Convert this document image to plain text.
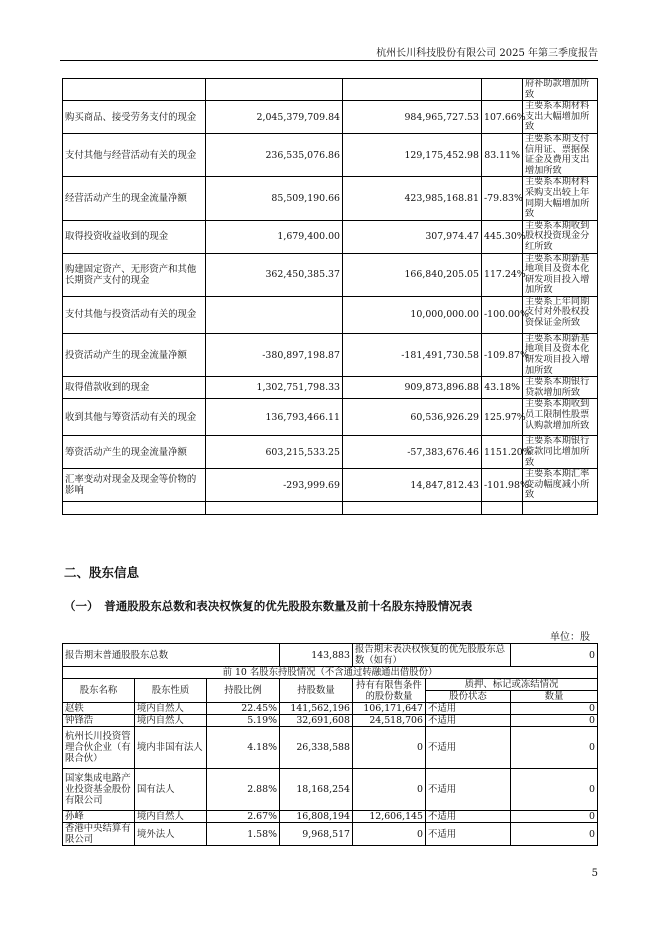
杭州长川科技股份有限公司 2025 年第三季度报告
				府补助款增加所致
购买商品、接受劳务支付的现金	2,045,379,709.84	984,965,727.53	107.66%	主要系本期材料支出大幅增加所致
支付其他与经营活动有关的现金	236,535,076.86	129,175,452.98	83.11%	主要系本期支付信用证、票据保证金及费用支出增加所致
经营活动产生的现金流量净额	85,509,190.66	423,985,168.81	-79.83%	主要系本期材料采购支出较上年同期大幅增加所致
取得投资收益收到的现金	1,679,400.00	307,974.47	445.30%	主要系本期收到股权投资现金分红所致
购建固定资产、无形资产和其他长期资产支付的现金	362,450,385.37	166,840,205.05	117.24%	主要系本期新基地项目及资本化研发项目投入增加所致
支付其他与投资活动有关的现金		10,000,000.00	-100.00%	主要系上年同期支付对外股权投资保证金所致
投资活动产生的现金流量净额	-380,897,198.87	-181,491,730.58	-109.87%	主要系本期新基地项目及资本化研发项目投入增加所致
取得借款收到的现金	1,302,751,798.33	909,873,896.88	43.18%	主要系本期银行贷款增加所致
收到其他与筹资活动有关的现金	136,793,466.11	60,536,926.29	125.97%	主要系本期收到员工限制性股票认购款增加所致
筹资活动产生的现金流量净额	603,215,533.25	-57,383,676.46	1151.20%	主要系本期银行贷款同比增加所致
汇率变动对现金及现金等价物的影响	-293,999.69	14,847,812.43	-101.98%	主要系本期汇率变动幅度减小所致

二、股东信息
（一）　普通股股东总数和表决权恢复的优先股股东数量及前十名股东持股情况表
单位：股
报告期末普通股股东总数			143,883	报告期末表决权恢复的优先股股东总数（如有）		0
前 10 名股东持股情况（不含通过转融通出借股份）						
股东名称	股东性质	持股比例	持股数量	持有有限售条件的股份数量	质押、标记或冻结情况	
					股份状态	数量
赵轶	境内自然人	22.45%	141,562,196	106,171,647	不适用	0
钟锋浩	境内自然人	5.19%	32,691,608	24,518,706	不适用	0
杭州长川投资管理合伙企业（有限合伙）	境内非国有法人	4.18%	26,338,588	0	不适用	0
国家集成电路产业投资基金股份有限公司	国有法人	2.88%	18,168,254	0	不适用	0
孙峰	境内自然人	2.67%	16,808,194	12,606,145	不适用	0
香港中央结算有限公司	境外法人	1.58%	9,968,517	0	不适用	0
5
